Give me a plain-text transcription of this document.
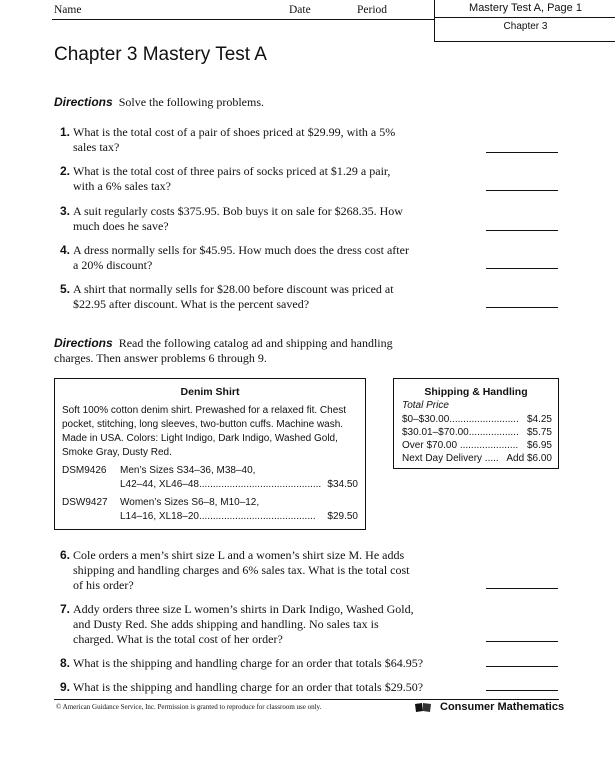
Name	Date	Period	Mastery Test A, Page 1
Chapter 3
Chapter 3 Mastery Test A
Directions Solve the following problems.
1. What is the total cost of a pair of shoes priced at $29.99, with a 5% sales tax?
2. What is the total cost of three pairs of socks priced at $1.29 a pair, with a 6% sales tax?
3. A suit regularly costs $375.95. Bob buys it on sale for $268.35. How much does he save?
4. A dress normally sells for $45.95. How much does the dress cost after a 20% discount?
5. A shirt that normally sells for $28.00 before discount was priced at $22.95 after discount. What is the percent saved?
Directions Read the following catalog ad and shipping and handling charges. Then answer problems 6 through 9.
Denim Shirt
Soft 100% cotton denim shirt. Prewashed for a relaxed fit. Chest pocket, stitching, long sleeves, two-button cuffs. Machine wash. Made in USA. Colors: Light Indigo, Dark Indigo, Washed Gold, Smoke Gray, Dusty Red.
DSM9426 Men’s Sizes S34–36, M38–40,
L42–44, XL46–48............................................ $34.50
DSW9427 Women’s Sizes S6–8, M10–12,
L14–16, XL18–20.......................................... $29.50
Shipping & Handling
Total Price
$0–$30.00......................... $4.25
$30.01–$70.00.................. $5.75
Over $70.00 ..................... $6.95
Next Day Delivery ..... Add $6.00
6. Cole orders a men’s shirt size L and a women’s shirt size M. He adds shipping and handling charges and 6% sales tax. What is the total cost of his order?
7. Addy orders three size L women’s shirts in Dark Indigo, Washed Gold, and Dusty Red. She adds shipping and handling. No sales tax is charged. What is the total cost of her order?
8. What is the shipping and handling charge for an order that totals $64.95?
9. What is the shipping and handling charge for an order that totals $29.50?
© American Guidance Service, Inc. Permission is granted to reproduce for classroom use only.	Consumer Mathematics
